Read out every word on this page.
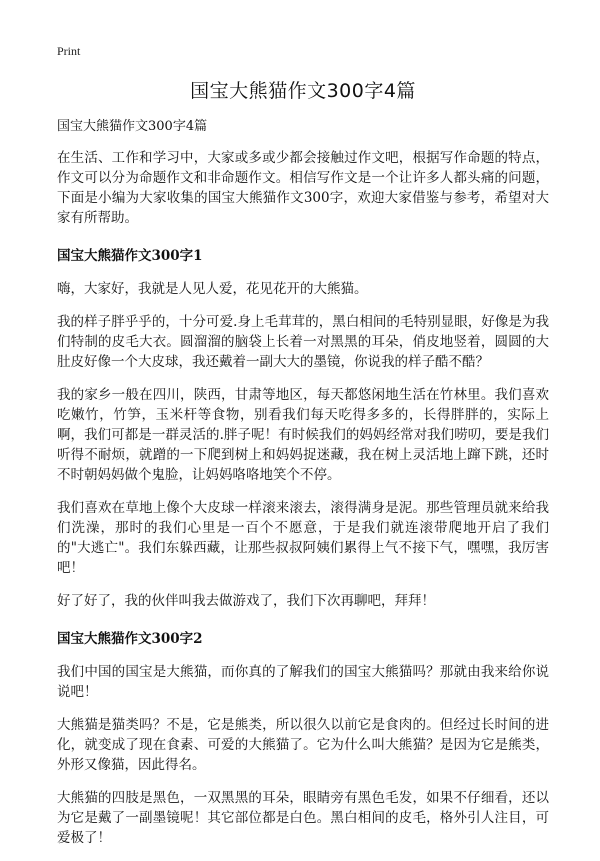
Print
国宝大熊猫作文300字4篇

国宝大熊猫作文300字4篇

在生活、工作和学习中，大家或多或少都会接触过作文吧，根据写作命题的特点，作文可以分为命题作文和非命题作文。相信写作文是一个让许多人都头痛的问题，下面是小编为大家收集的国宝大熊猫作文300字，欢迎大家借鉴与参考，希望对大家有所帮助。

国宝大熊猫作文300字1

嗨，大家好，我就是人见人爱，花见花开的大熊猫。

我的样子胖乎乎的，十分可爱.身上毛茸茸的，黑白相间的毛特别显眼，好像是为我们特制的皮毛大衣。圆溜溜的脑袋上长着一对黑黑的耳朵，俏皮地竖着，圆圆的大肚皮好像一个大皮球，我还戴着一副大大的墨镜，你说我的样子酷不酷？

我的家乡一般在四川，陕西，甘肃等地区，每天都悠闲地生活在竹林里。我们喜欢吃嫩竹，竹笋，玉米杆等食物，别看我们每天吃得多多的，长得胖胖的，实际上啊，我们可都是一群灵活的.胖子呢！有时候我们的妈妈经常对我们唠叨，要是我们听得不耐烦，就蹭的一下爬到树上和妈妈捉迷藏，我在树上灵活地上蹿下跳，还时不时朝妈妈做个鬼脸，让妈妈咯咯地笑个不停。

我们喜欢在草地上像个大皮球一样滚来滚去，滚得满身是泥。那些管理员就来给我们洗澡，那时的我们心里是一百个不愿意，于是我们就连滚带爬地开启了我们的"大逃亡"。我们东躲西藏，让那些叔叔阿姨们累得上气不接下气，嘿嘿，我厉害吧！

好了好了，我的伙伴叫我去做游戏了，我们下次再聊吧，拜拜！

国宝大熊猫作文300字2

我们中国的国宝是大熊猫，而你真的了解我们的国宝大熊猫吗？那就由我来给你说说吧！

大熊猫是猫类吗？不是，它是熊类，所以很久以前它是食肉的。但经过长时间的进化，就变成了现在食素、可爱的大熊猫了。它为什么叫大熊猫？是因为它是熊类，外形又像猫，因此得名。

大熊猫的四肢是黑色，一双黑黑的耳朵，眼睛旁有黑色毛发，如果不仔细看，还以为它是戴了一副墨镜呢！其它部位都是白色。黑白相间的皮毛，格外引人注目，可爱极了！
